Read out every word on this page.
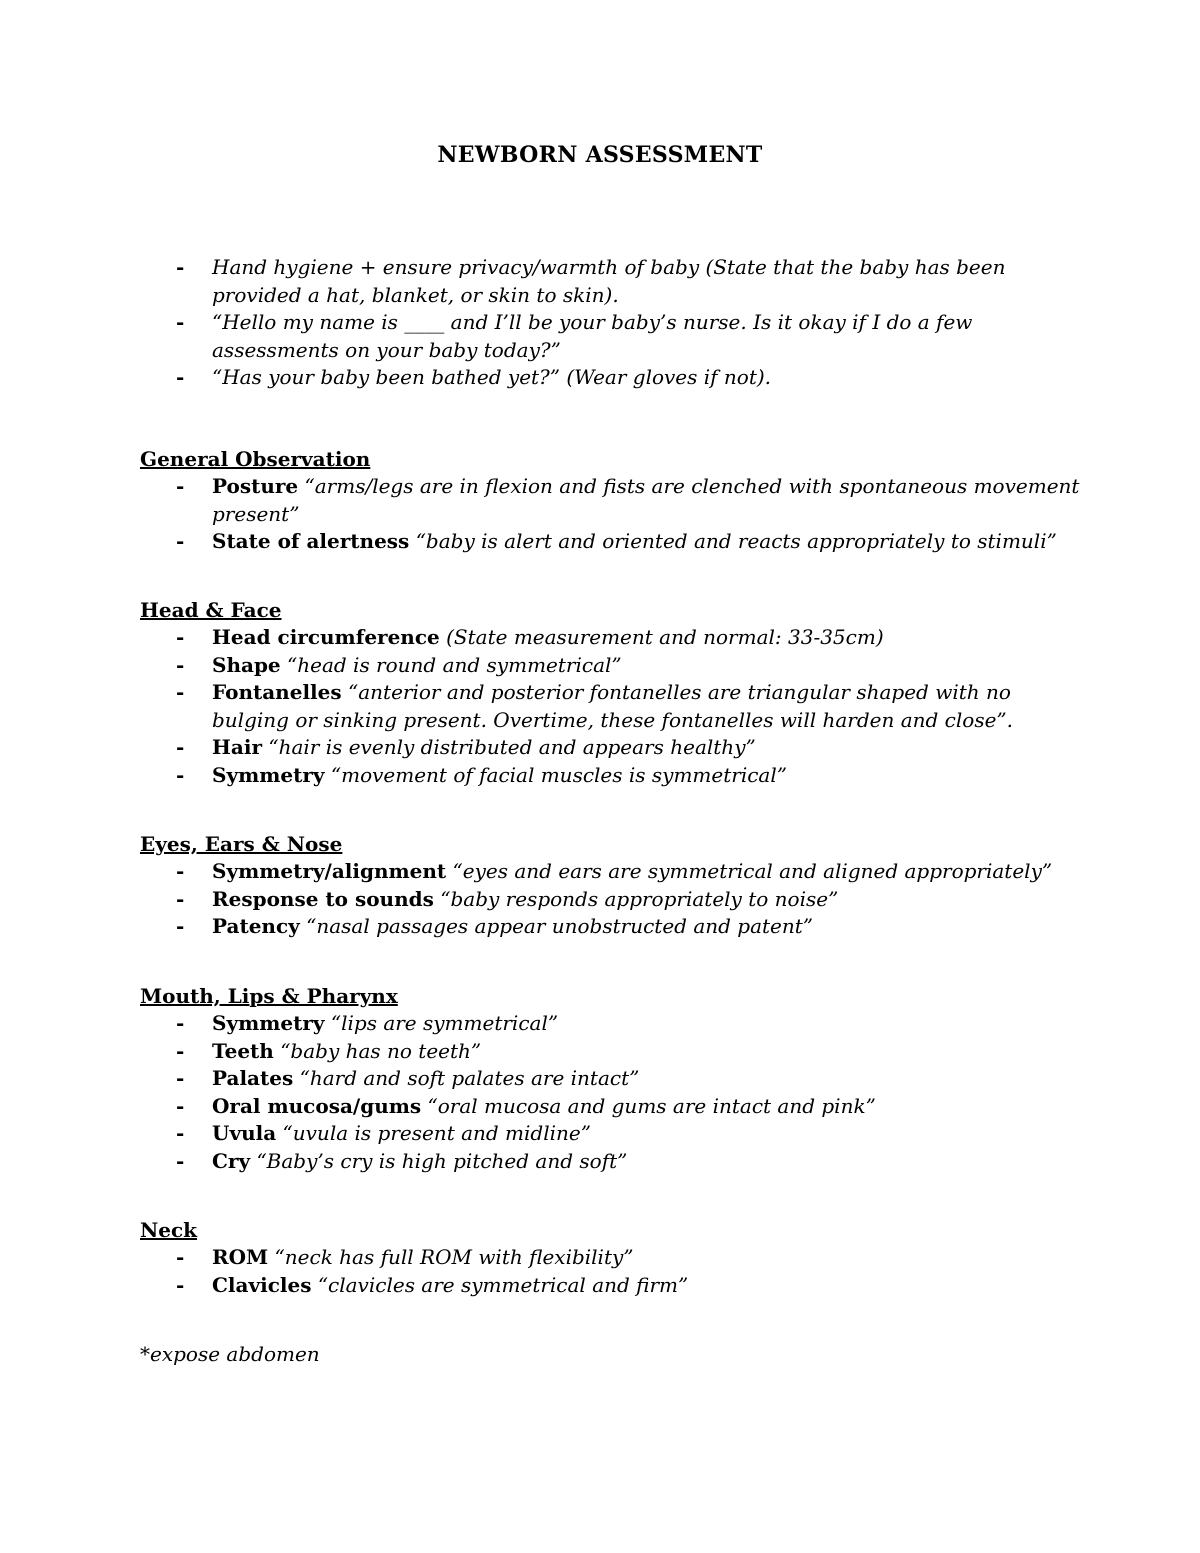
NEWBORN ASSESSMENT
- Hand hygiene + ensure privacy/warmth of baby (State that the baby has been provided a hat, blanket, or skin to skin).
- “Hello my name is ____ and I’ll be your baby’s nurse. Is it okay if I do a few assessments on your baby today?”
- “Has your baby been bathed yet?” (Wear gloves if not).
General Observation
- Posture “arms/legs are in flexion and fists are clenched with spontaneous movement present”
- State of alertness “baby is alert and oriented and reacts appropriately to stimuli”
Head & Face
- Head circumference (State measurement and normal: 33-35cm)
- Shape “head is round and symmetrical”
- Fontanelles “anterior and posterior fontanelles are triangular shaped with no bulging or sinking present. Overtime, these fontanelles will harden and close”.
- Hair “hair is evenly distributed and appears healthy”
- Symmetry “movement of facial muscles is symmetrical”
Eyes, Ears & Nose
- Symmetry/alignment “eyes and ears are symmetrical and aligned appropriately”
- Response to sounds “baby responds appropriately to noise”
- Patency “nasal passages appear unobstructed and patent”
Mouth, Lips & Pharynx
- Symmetry “lips are symmetrical”
- Teeth “baby has no teeth”
- Palates “hard and soft palates are intact”
- Oral mucosa/gums “oral mucosa and gums are intact and pink”
- Uvula “uvula is present and midline”
- Cry “Baby’s cry is high pitched and soft”
Neck
- ROM “neck has full ROM with flexibility”
- Clavicles “clavicles are symmetrical and firm”
*expose abdomen
